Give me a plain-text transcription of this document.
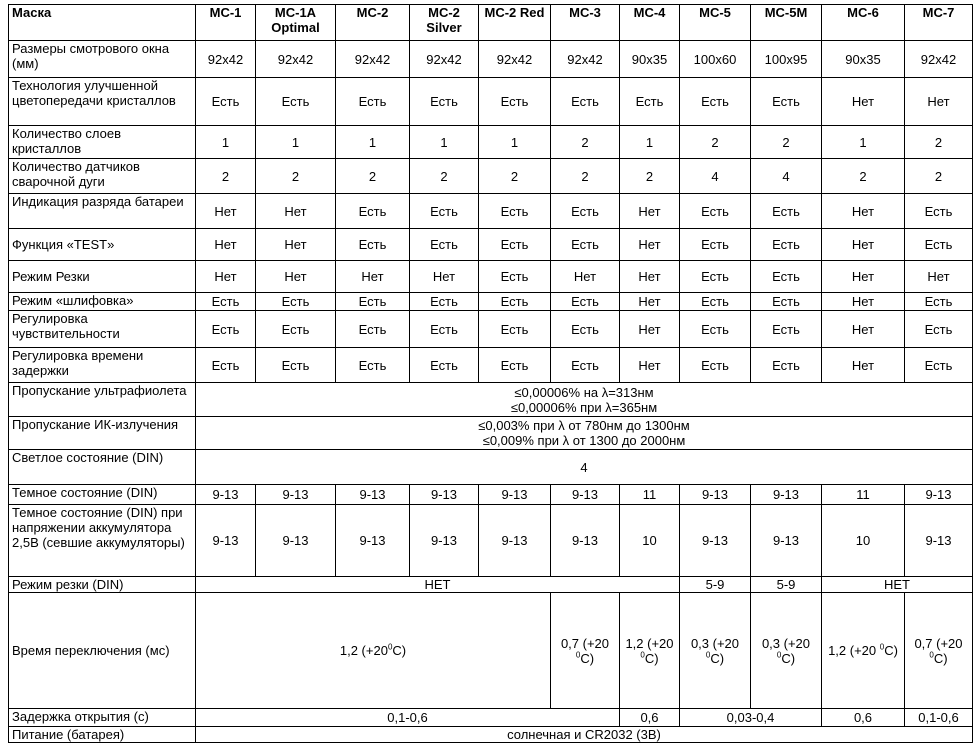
Маска	МС-1	МС-1А Optimal	МС-2	МС-2 Silver	МС-2 Red	МС-3	МС-4	МС-5	МС-5М	МС-6	МС-7
Размеры смотрового окна (мм)	92x42	92x42	92x42	92x42	92x42	92x42	90x35	100x60	100x95	90x35	92x42
Технология улучшенной цветопередачи кристаллов	Есть	Есть	Есть	Есть	Есть	Есть	Есть	Есть	Есть	Нет	Нет
Количество слоев кристаллов	1	1	1	1	1	2	1	2	2	1	2
Количество датчиков сварочной дуги	2	2	2	2	2	2	2	4	4	2	2
Индикация разряда батареи	Нет	Нет	Есть	Есть	Есть	Есть	Нет	Есть	Есть	Нет	Есть
Функция «TEST»	Нет	Нет	Есть	Есть	Есть	Есть	Нет	Есть	Есть	Нет	Есть
Режим Резки	Нет	Нет	Нет	Нет	Есть	Нет	Нет	Есть	Есть	Нет	Нет
Режим «шлифовка»	Есть	Есть	Есть	Есть	Есть	Есть	Нет	Есть	Есть	Нет	Есть
Регулировка чувствительности	Есть	Есть	Есть	Есть	Есть	Есть	Нет	Есть	Есть	Нет	Есть
Регулировка времени задержки	Есть	Есть	Есть	Есть	Есть	Есть	Нет	Есть	Есть	Нет	Есть
Пропускание ультрафиолета	≤0,00006% на λ=313нм
≤0,00006% при λ=365нм										
Пропускание ИК-излучения	≤0,003% при λ от 780нм до 1300нм
≤0,009% при λ от 1300 до 2000нм										
Светлое состояние (DIN)	4										
Темное состояние (DIN)	9-13	9-13	9-13	9-13	9-13	9-13	11	9-13	9-13	11	9-13
Темное состояние (DIN) при напряжении аккумулятора 2,5В (севшие аккумуляторы)	9-13	9-13	9-13	9-13	9-13	9-13	10	9-13	9-13	10	9-13
Режим резки (DIN)	НЕТ							5-9	5-9	НЕТ	
Время переключения (мс)	1,2 $(+20^0C)$					0,7 (+20 $^0$C)	1,2 (+20 $^0$C)	0,3 (+20 $^0$C)	0,3 (+20 $^0$C)	1,2 (+20 $^0$C)	0,7 (+20 $^0$C)
Задержка открытия (с)	0,1-0,6						0,6	0,03-0,4		0,6	0,1-0,6
Питание (батарея)	солнечная и CR2032 (3В)										
